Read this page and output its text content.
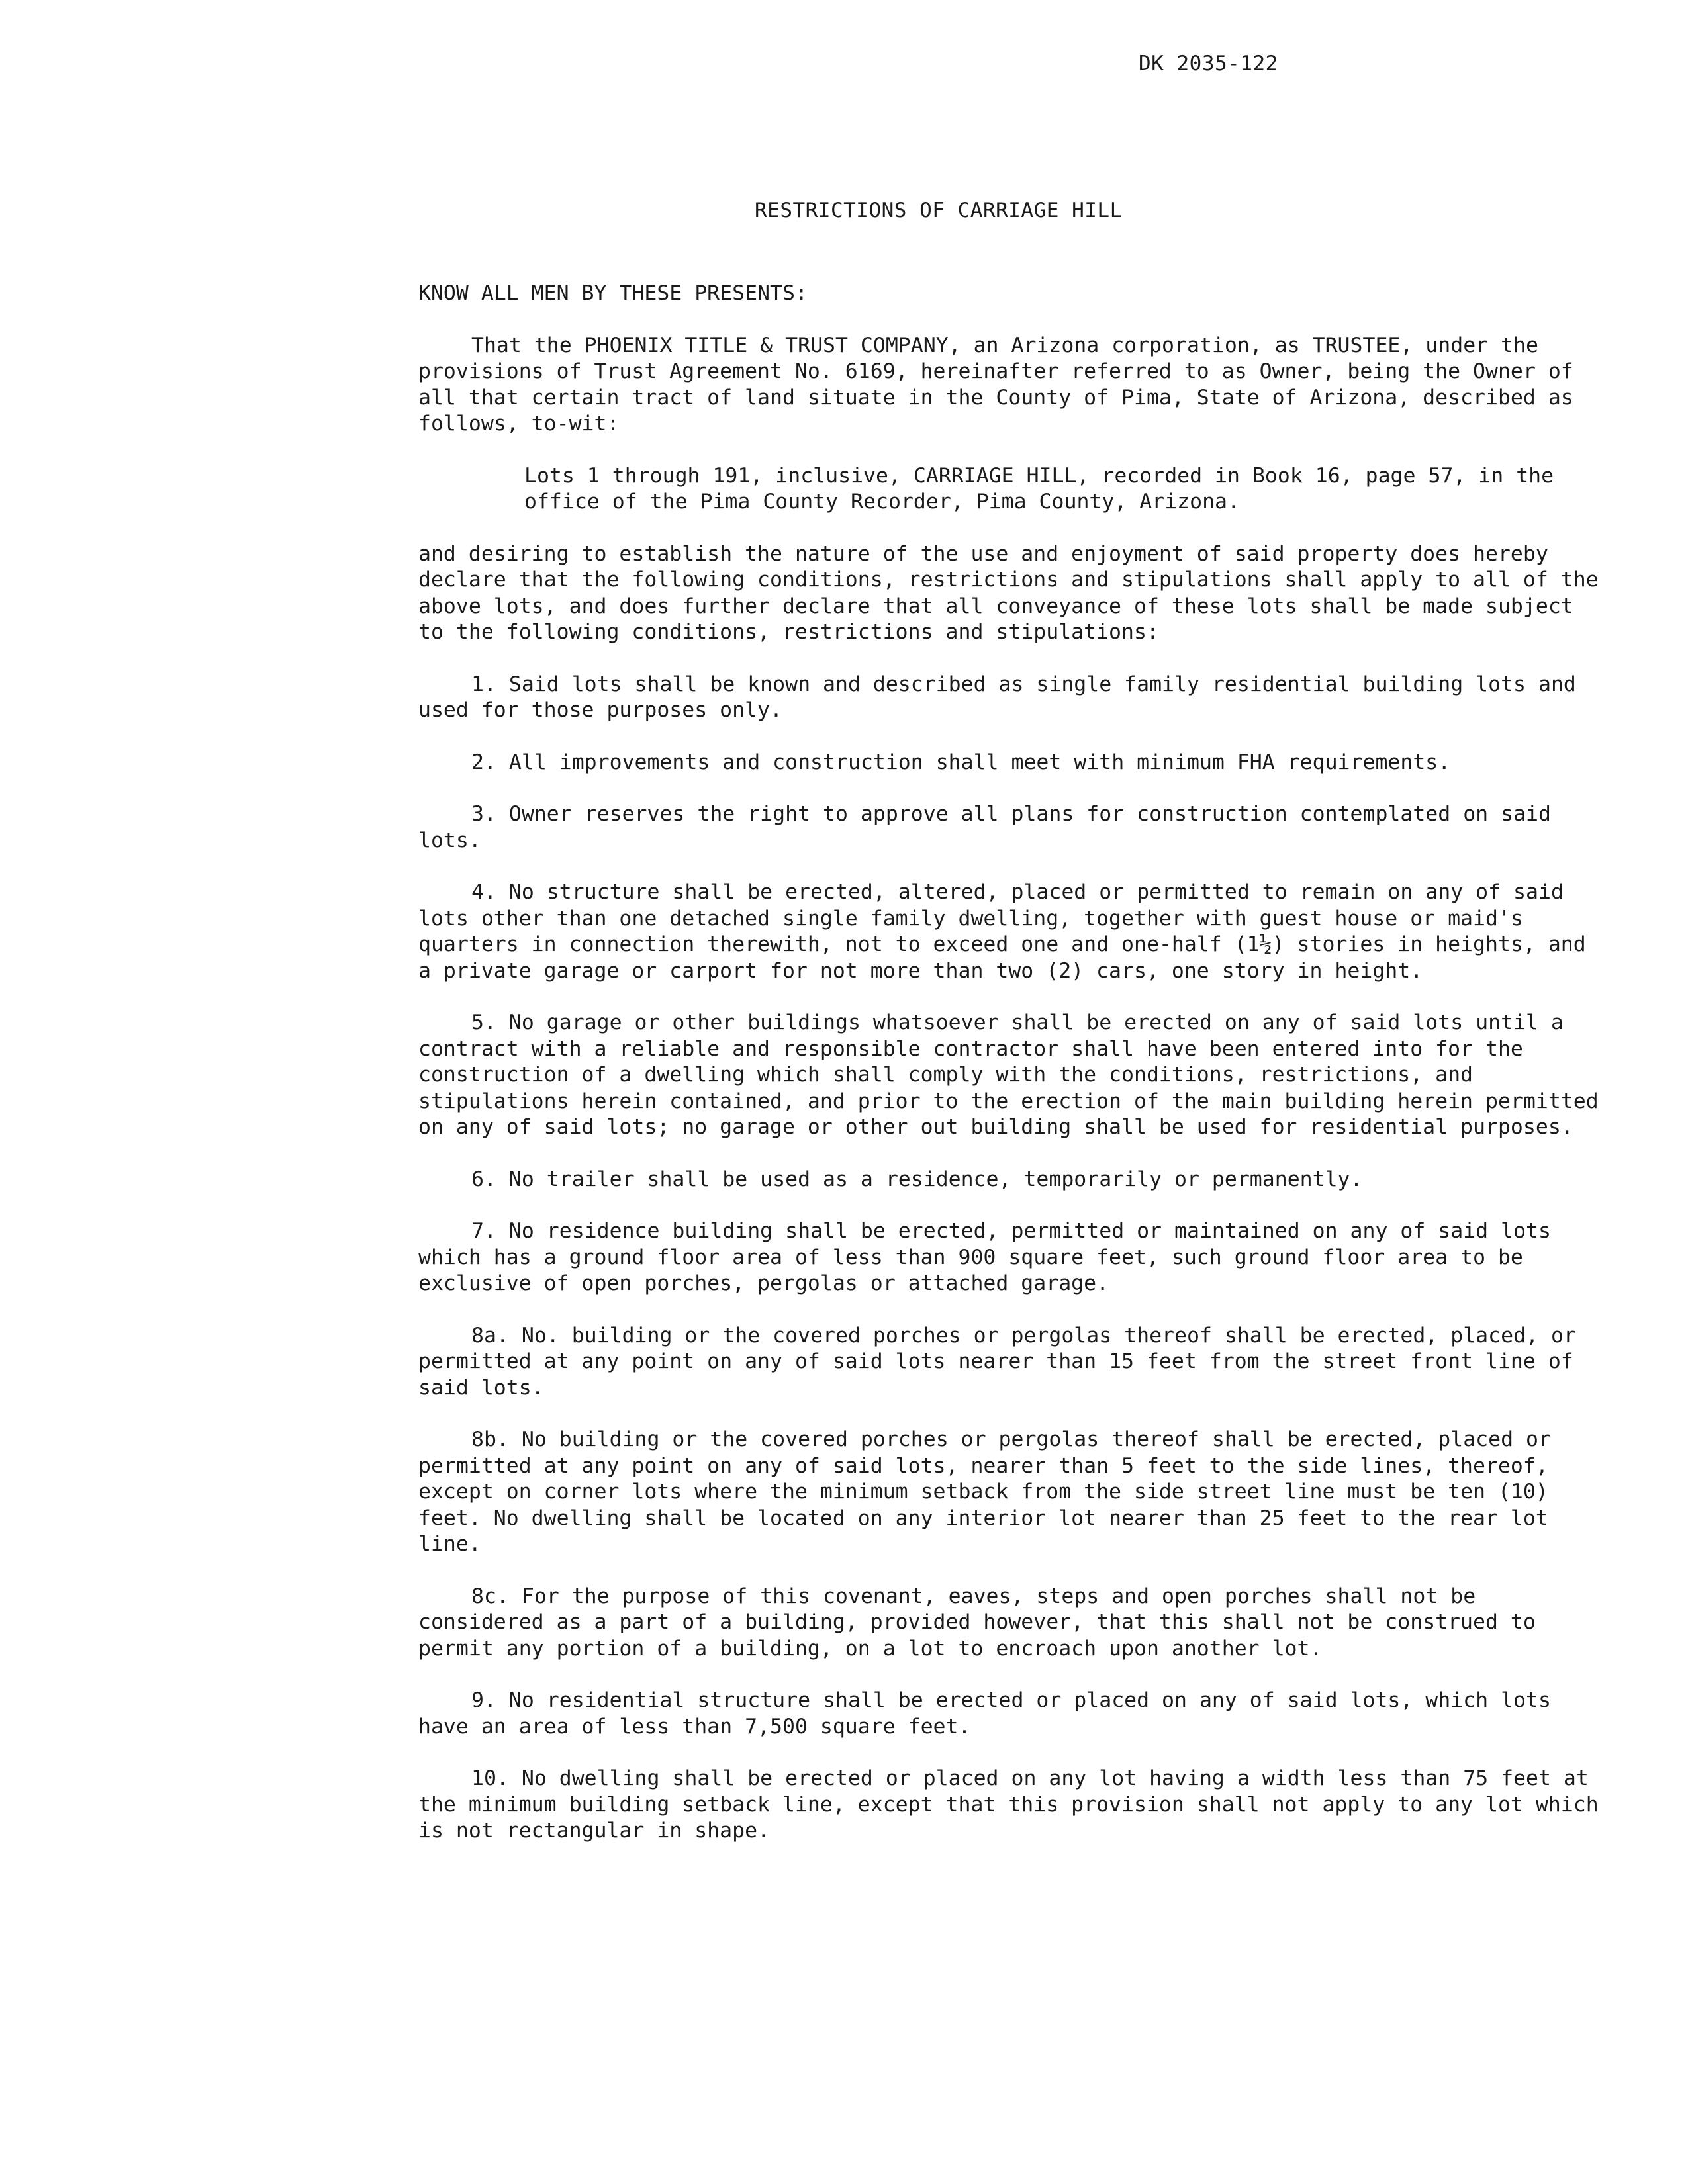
DK 2035-122
RESTRICTIONS OF CARRIAGE HILL

KNOW ALL MEN BY THESE PRESENTS:

That the PHOENIX TITLE & TRUST COMPANY, an Arizona corporation, as TRUSTEE, under the provisions of Trust Agreement No. 6169, hereinafter referred to as Owner, being the Owner of all that certain tract of land situate in the County of Pima, State of Arizona, described as follows, to-wit:

Lots 1 through 191, inclusive, CARRIAGE HILL, recorded in Book 16, page 57, in the office of the Pima County Recorder, Pima County, Arizona.

and desiring to establish the nature of the use and enjoyment of said property does hereby declare that the following conditions, restrictions and stipulations shall apply to all of the above lots, and does further declare that all conveyance of these lots shall be made subject to the following conditions, restrictions and stipulations:

1. Said lots shall be known and described as single family residential building lots and used for those purposes only.

2. All improvements and construction shall meet with minimum FHA requirements.

3. Owner reserves the right to approve all plans for construction contemplated on said lots.

4. No structure shall be erected, altered, placed or permitted to remain on any of said lots other than one detached single family dwelling, together with guest house or maid's quarters in connection therewith, not to exceed one and one-half (1½) stories in heights, and a private garage or carport for not more than two (2) cars, one story in height.

5. No garage or other buildings whatsoever shall be erected on any of said lots until a contract with a reliable and responsible contractor shall have been entered into for the construction of a dwelling which shall comply with the conditions, restrictions, and stipulations herein contained, and prior to the erection of the main building herein permitted on any of said lots; no garage or other out building shall be used for residential purposes.

6. No trailer shall be used as a residence, temporarily or permanently.

7. No residence building shall be erected, permitted or maintained on any of said lots which has a ground floor area of less than 900 square feet, such ground floor area to be exclusive of open porches, pergolas or attached garage.

8a. No. building or the covered porches or pergolas thereof shall be erected, placed, or permitted at any point on any of said lots nearer than 15 feet from the street front line of said lots.

8b. No building or the covered porches or pergolas thereof shall be erected, placed or permitted at any point on any of said lots, nearer than 5 feet to the side lines, thereof, except on corner lots where the minimum setback from the side street line must be ten (10) feet. No dwelling shall be located on any interior lot nearer than 25 feet to the rear lot line.

8c. For the purpose of this covenant, eaves, steps and open porches shall not be considered as a part of a building, provided however, that this shall not be construed to permit any portion of a building, on a lot to encroach upon another lot.

9. No residential structure shall be erected or placed on any of said lots, which lots have an area of less than 7,500 square feet.

10. No dwelling shall be erected or placed on any lot having a width less than 75 feet at the minimum building setback line, except that this provision shall not apply to any lot which is not rectangular in shape.
